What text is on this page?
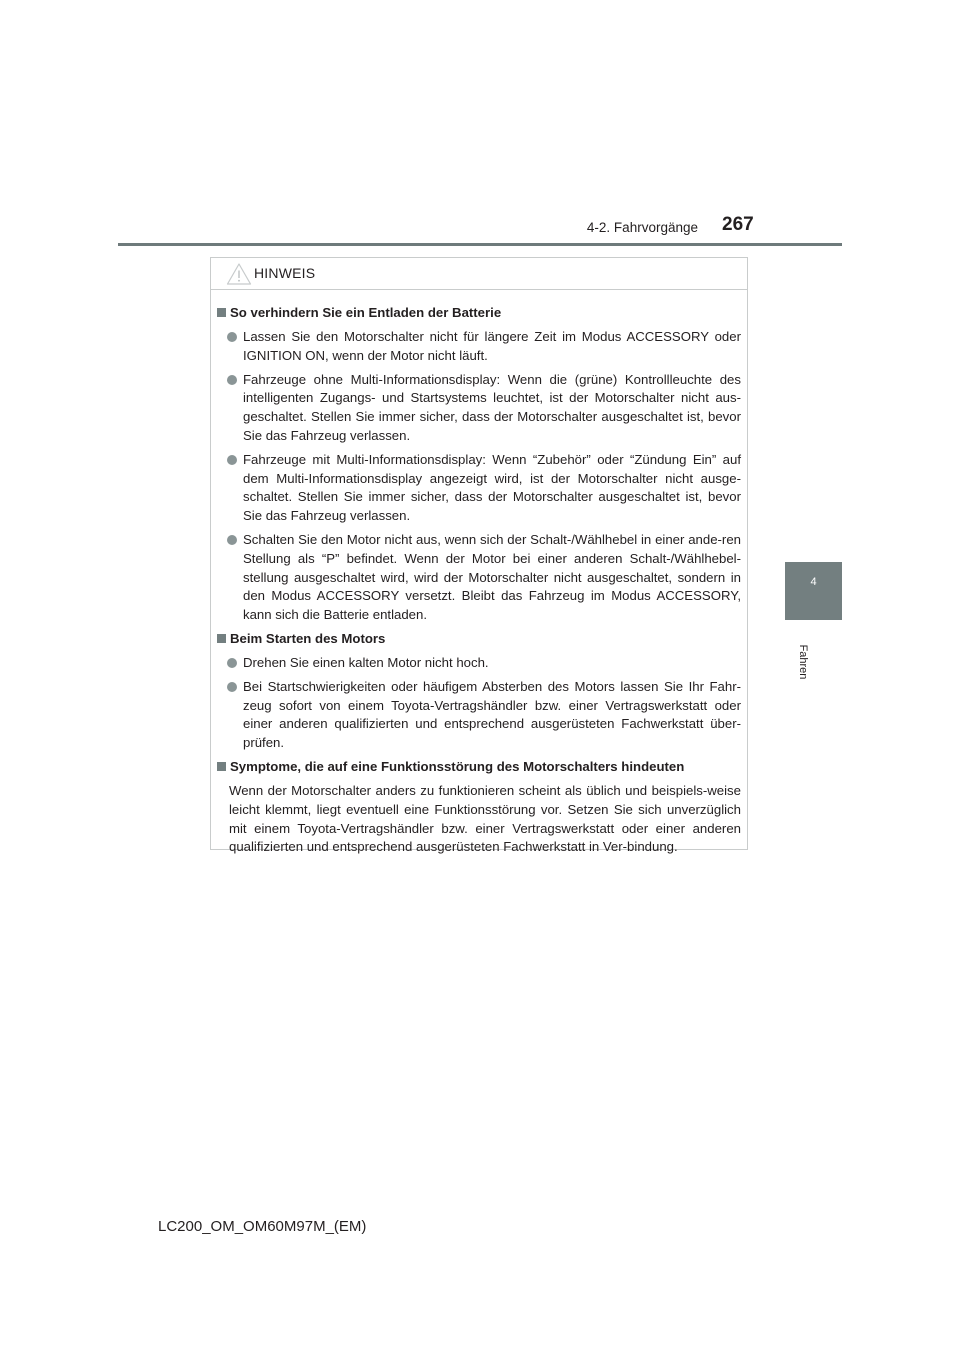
4-2. Fahrvorgänge 267
4
Fahren
HINWEIS
So verhindern Sie ein Entladen der Batterie
Lassen Sie den Motorschalter nicht für längere Zeit im Modus ACCESSORY oder IGNITION ON, wenn der Motor nicht läuft.
Fahrzeuge ohne Multi-Informationsdisplay: Wenn die (grüne) Kontrollleuchte des intelligenten Zugangs- und Startsystems leuchtet, ist der Motorschalter nicht aus-geschaltet. Stellen Sie immer sicher, dass der Motorschalter ausgeschaltet ist, bevor Sie das Fahrzeug verlassen.
Fahrzeuge mit Multi-Informationsdisplay: Wenn “Zubehör” oder “Zündung Ein” auf dem Multi-Informationsdisplay angezeigt wird, ist der Motorschalter nicht ausge-schaltet. Stellen Sie immer sicher, dass der Motorschalter ausgeschaltet ist, bevor Sie das Fahrzeug verlassen.
Schalten Sie den Motor nicht aus, wenn sich der Schalt-/Wählhebel in einer ande-ren Stellung als “P” befindet. Wenn der Motor bei einer anderen Schalt-/Wählhebel-stellung ausgeschaltet wird, wird der Motorschalter nicht ausgeschaltet, sondern in den Modus ACCESSORY versetzt. Bleibt das Fahrzeug im Modus ACCESSORY, kann sich die Batterie entladen.
Beim Starten des Motors
Drehen Sie einen kalten Motor nicht hoch.
Bei Startschwierigkeiten oder häufigem Absterben des Motors lassen Sie Ihr Fahr-zeug sofort von einem Toyota-Vertragshändler bzw. einer Vertragswerkstatt oder einer anderen qualifizierten und entsprechend ausgerüsteten Fachwerkstatt über-prüfen.
Symptome, die auf eine Funktionsstörung des Motorschalters hindeuten
Wenn der Motorschalter anders zu funktionieren scheint als üblich und beispiels-weise leicht klemmt, liegt eventuell eine Funktionsstörung vor. Setzen Sie sich unverzüglich mit einem Toyota-Vertragshändler bzw. einer Vertragswerkstatt oder einer anderen qualifizierten und entsprechend ausgerüsteten Fachwerkstatt in Ver-bindung.
LC200_OM_OM60M97M_(EM)
